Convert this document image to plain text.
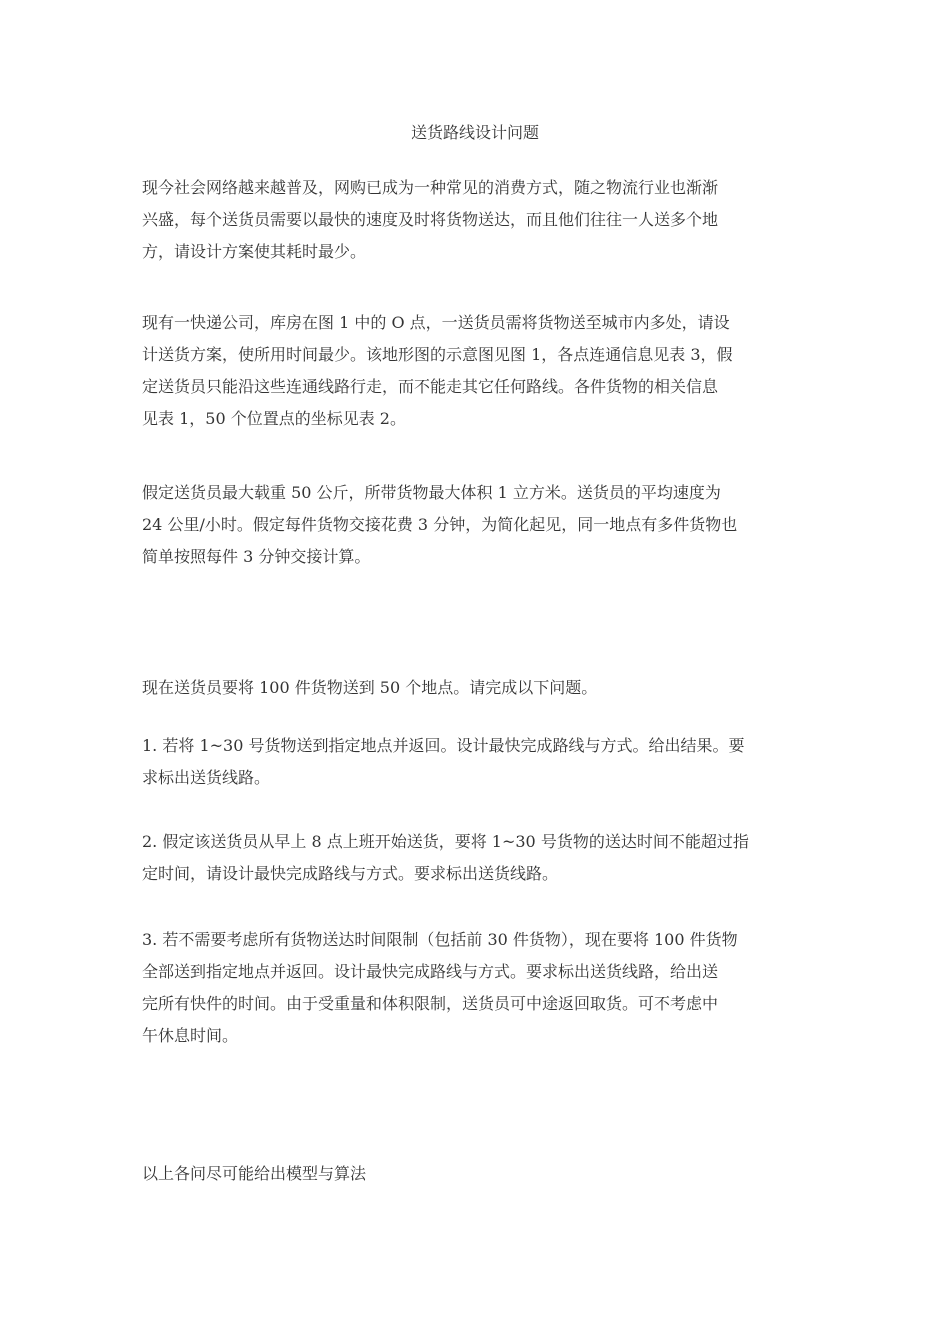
送货路线设计问题

现今社会网络越来越普及，网购已成为一种常见的消费方式，随之物流行业也渐渐
兴盛，每个送货员需要以最快的速度及时将货物送达，而且他们往往一人送多个地
方，请设计方案使其耗时最少。

现有一快递公司，库房在图 1 中的 O 点，一送货员需将货物送至城市内多处，请设
计送货方案，使所用时间最少。该地形图的示意图见图 1，各点连通信息见表 3，假
定送货员只能沿这些连通线路行走，而不能走其它任何路线。各件货物的相关信息
见表 1，50 个位置点的坐标见表 2。

假定送货员最大载重 50 公斤，所带货物最大体积 1 立方米。送货员的平均速度为
24 公里/小时。假定每件货物交接花费 3 分钟，为简化起见，同一地点有多件货物也
简单按照每件 3 分钟交接计算。

现在送货员要将 100 件货物送到 50 个地点。请完成以下问题。

1. 若将 1~30 号货物送到指定地点并返回。设计最快完成路线与方式。给出结果。要
求标出送货线路。

2. 假定该送货员从早上 8 点上班开始送货，要将 1~30 号货物的送达时间不能超过指
定时间，请设计最快完成路线与方式。要求标出送货线路。

3. 若不需要考虑所有货物送达时间限制（包括前 30 件货物），现在要将 100 件货物
全部送到指定地点并返回。设计最快完成路线与方式。要求标出送货线路，给出送
完所有快件的时间。由于受重量和体积限制，送货员可中途返回取货。可不考虑中
午休息时间。

以上各问尽可能给出模型与算法
